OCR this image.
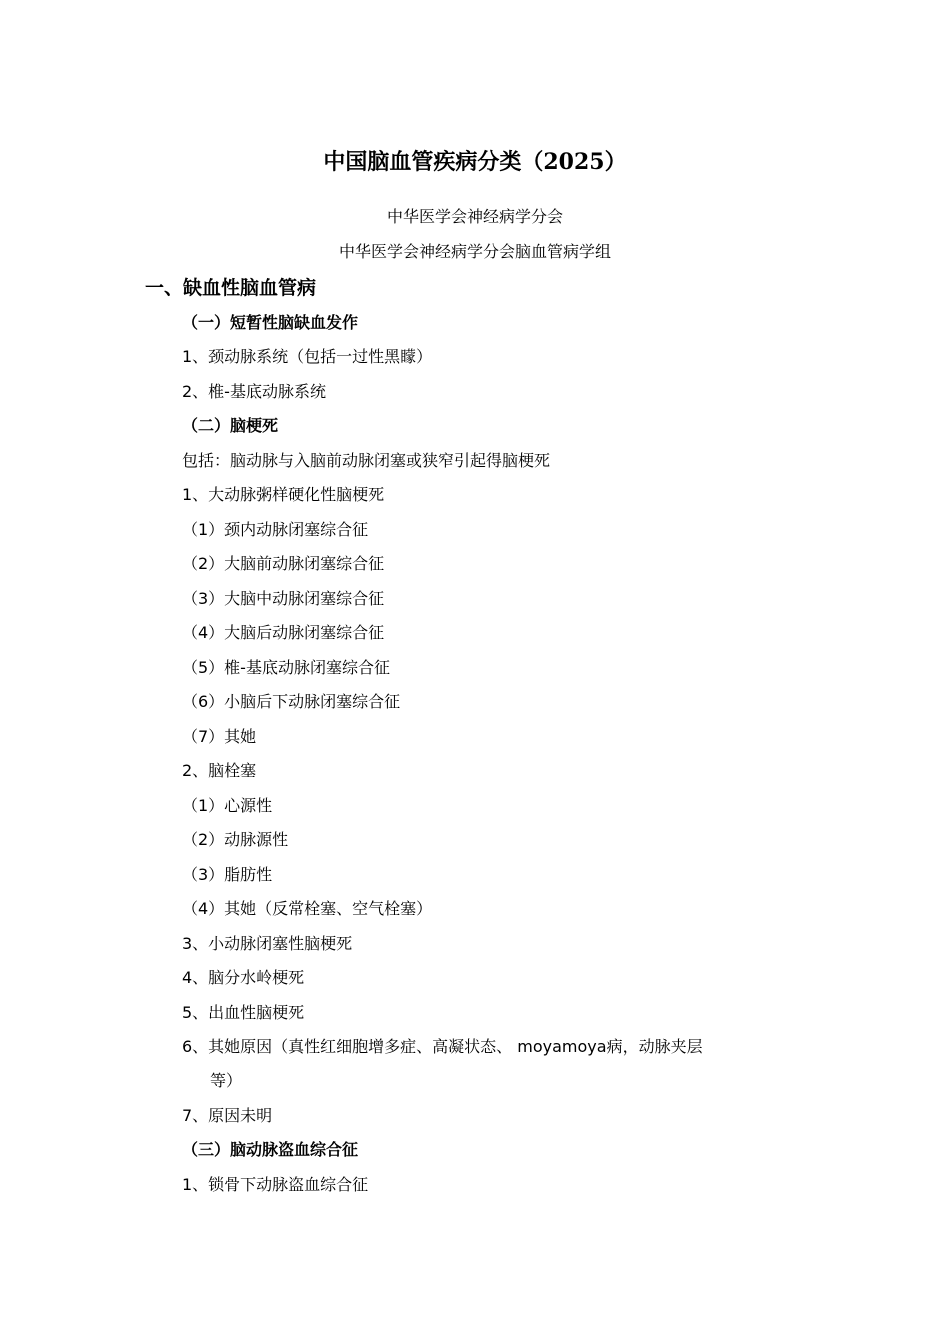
中国脑血管疾病分类（2025）
中华医学会神经病学分会
中华医学会神经病学分会脑血管病学组
一、缺血性脑血管病
（一）短暂性脑缺血发作
1、颈动脉系统（包括一过性黑矇）
2、椎-基底动脉系统
（二）脑梗死
包括：脑动脉与入脑前动脉闭塞或狭窄引起得脑梗死
1、大动脉粥样硬化性脑梗死
（1）颈内动脉闭塞综合征
（2）大脑前动脉闭塞综合征
（3）大脑中动脉闭塞综合征
（4）大脑后动脉闭塞综合征
（5）椎-基底动脉闭塞综合征
（6）小脑后下动脉闭塞综合征
（7）其她
2、脑栓塞
（1）心源性
（2）动脉源性
（3）脂肪性
（4）其她（反常栓塞、空气栓塞）
3、小动脉闭塞性脑梗死
4、脑分水岭梗死
5、出血性脑梗死
6、其她原因（真性红细胞增多症、高凝状态、 moyamoya病，动脉夹层
等）
7、原因未明
（三）脑动脉盗血综合征
1、锁骨下动脉盗血综合征
